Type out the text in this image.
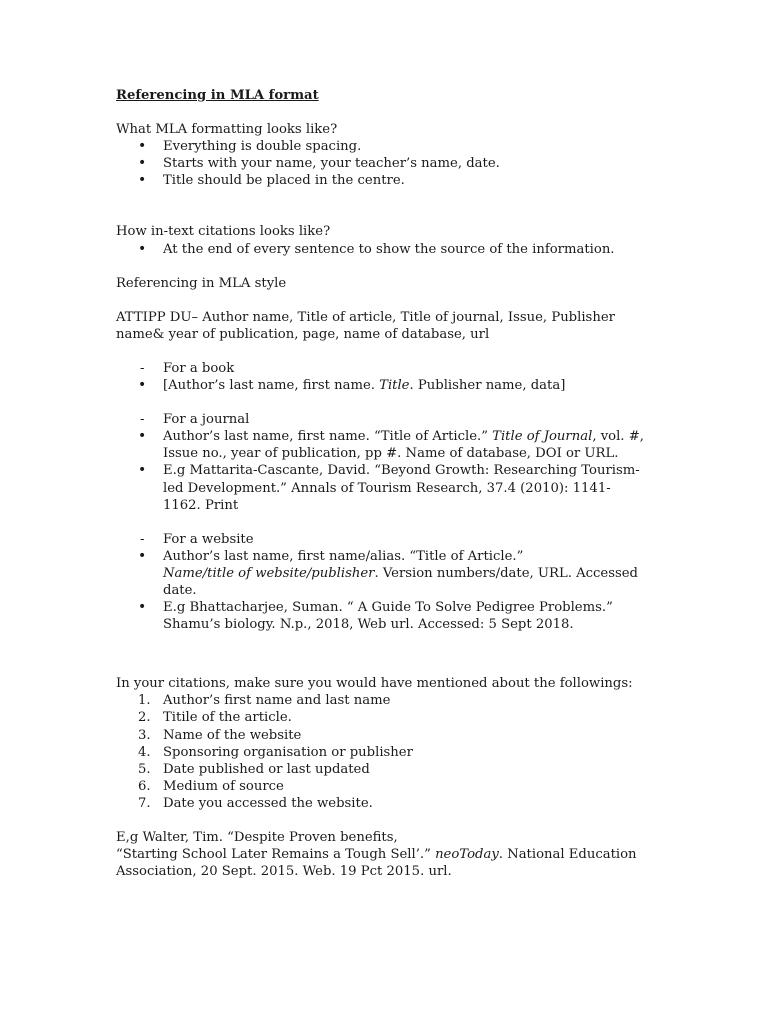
Referencing in MLA format

What MLA formatting looks like?

• Everything is double spacing.
• Starts with your name, your teacher’s name, date.
• Title should be placed in the centre.

How in-text citations looks like?

• At the end of every sentence to show the source of the information.

Referencing in MLA style

ATTIPP DU– Author name, Title of article, Title of journal, Issue, Publisher name& year of publication, page, name of database, url

- For a book
• [Author’s last name, first name. Title. Publisher name, data]
- For a journal
• Author’s last name, first name. “Title of Article.” Title of Journal, vol. #, Issue no., year of publication, pp #. Name of database, DOI or URL.
• E.g Mattarita-Cascante, David. “Beyond Growth: Researching Tourism-led Development.” Annals of Tourism Research, 37.4 (2010): 1141-1162. Print
- For a website
• Author’s last name, first name/alias. “Title of Article.”
Name/title of website/publisher. Version numbers/date, URL. Accessed date.
• E.g Bhattacharjee, Suman. “ A Guide To Solve Pedigree Problems.” Shamu’s biology. N.p., 2018, Web url. Accessed: 5 Sept 2018.

In your citations, make sure you would have mentioned about the followings:

1. Author’s first name and last name
2. Titile of the article.
3. Name of the website
4. Sponsoring organisation or publisher
5. Date published or last updated
6. Medium of source
7. Date you accessed the website.

E,g Walter, Tim. “Despite Proven benefits,

“Starting School Later Remains a Tough Sell’.” neoToday. National Education Association, 20 Sept. 2015. Web. 19 Pct 2015. url.
